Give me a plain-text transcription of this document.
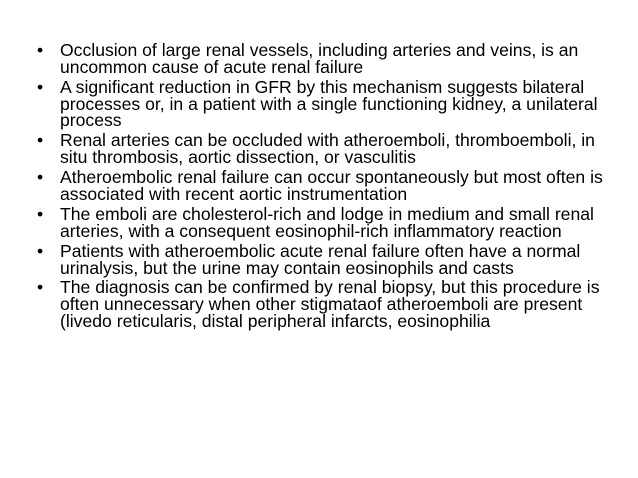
• Occlusion of large renal vessels, including arteries and veins, is an uncommon cause of acute renal failure
• A significant reduction in GFR by this mechanism suggests bilateral processes or, in a patient with a single functioning kidney, a unilateral process
• Renal arteries can be occluded with atheroemboli, thromboemboli, in situ thrombosis, aortic dissection, or vasculitis
• Atheroembolic renal failure can occur spontaneously but most often is associated with recent aortic instrumentation
• The emboli are cholesterol-rich and lodge in medium and small renal arteries, with a consequent eosinophil-rich inflammatory reaction
• Patients with atheroembolic acute renal failure often have a normal urinalysis, but the urine may contain eosinophils and casts
• The diagnosis can be confirmed by renal biopsy, but this procedure is often unnecessary when other stigmataof atheroemboli are present (livedo reticularis, distal peripheral infarcts, eosinophilia
